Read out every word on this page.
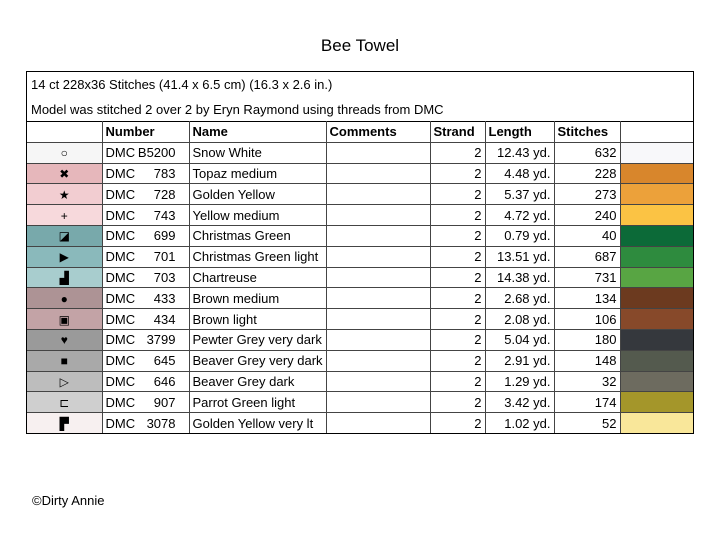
Bee Towel
14 ct 228x36 Stitches (41.4 x 6.5 cm) (16.3 x 2.6 in.)
Model was stitched 2 over 2 by Eryn Raymond using threads from DMC
	Number	Name	Comments	Strand	Length	Stitches	
○	DMC B5200	Snow White		2	12.43 yd.	632	
✖	DMC 783	Topaz medium		2	4.48 yd.	228	
★	DMC 728	Golden Yellow		2	5.37 yd.	273	
+	DMC 743	Yellow medium		2	4.72 yd.	240	
◪	DMC 699	Christmas Green		2	0.79 yd.	40	
▶	DMC 701	Christmas Green light		2	13.51 yd.	687	
▟	DMC 703	Chartreuse		2	14.38 yd.	731	
●	DMC 433	Brown medium		2	2.68 yd.	134	
▣	DMC 434	Brown light		2	2.08 yd.	106	
♥	DMC 3799	Pewter Grey very dark		2	5.04 yd.	180	
■	DMC 645	Beaver Grey very dark		2	2.91 yd.	148	
▷	DMC 646	Beaver Grey dark		2	1.29 yd.	32	
⊏	DMC 907	Parrot Green light		2	3.42 yd.	174	
▛	DMC 3078	Golden Yellow very lt		2	1.02 yd.	52	
©Dirty Annie
